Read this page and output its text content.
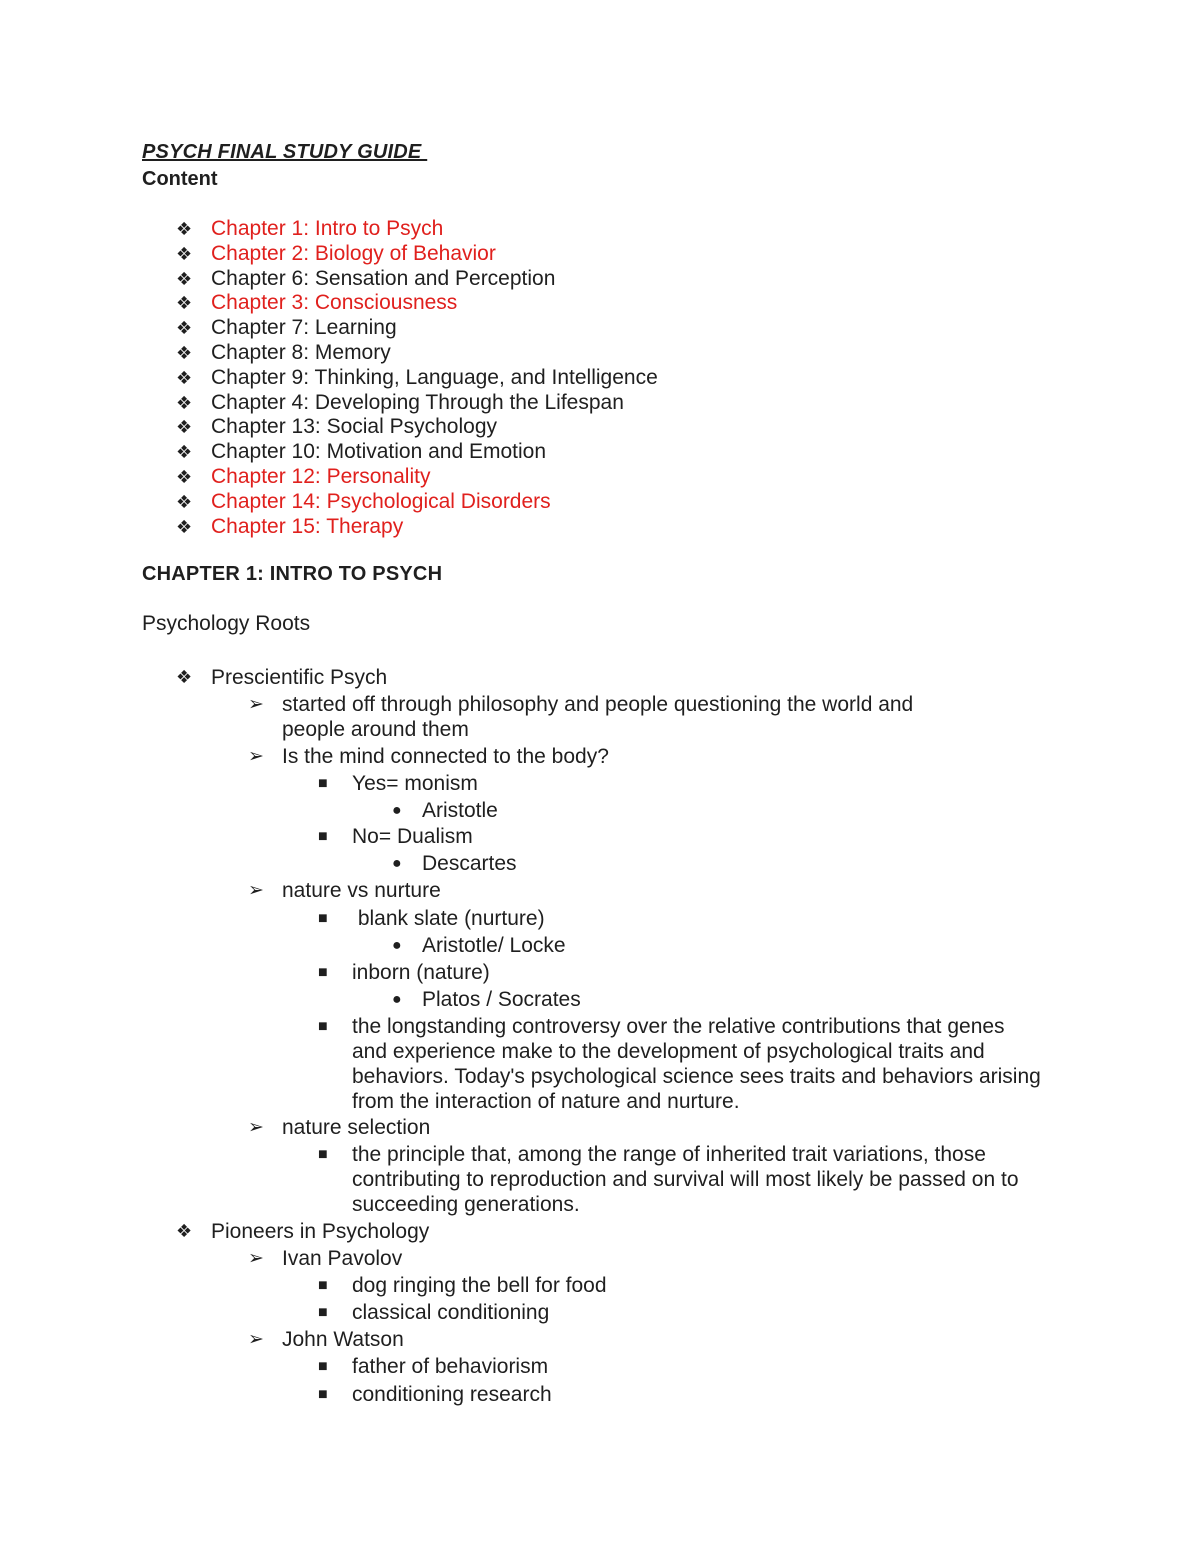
PSYCH FINAL STUDY GUIDE
Content
❖ Chapter 1: Intro to Psych
❖ Chapter 2: Biology of Behavior
❖ Chapter 6: Sensation and Perception
❖ Chapter 3: Consciousness
❖ Chapter 7: Learning
❖ Chapter 8: Memory
❖ Chapter 9: Thinking, Language, and Intelligence
❖ Chapter 4: Developing Through the Lifespan
❖ Chapter 13: Social Psychology
❖ Chapter 10: Motivation and Emotion
❖ Chapter 12: Personality
❖ Chapter 14: Psychological Disorders
❖ Chapter 15: Therapy
CHAPTER 1: INTRO TO PSYCH
Psychology Roots
❖ Prescientific Psych
➢ started off through philosophy and people questioning the world and people around them
➢ Is the mind connected to the body?
■ Yes= monism
● Aristotle
■ No= Dualism
● Descartes
➢ nature vs nurture
■ blank slate (nurture)
● Aristotle/ Locke
■ inborn (nature)
● Platos / Socrates
■ the longstanding controversy over the relative contributions that genes and experience make to the development of psychological traits and behaviors. Today's psychological science sees traits and behaviors arising from the interaction of nature and nurture.
➢ nature selection
■ the principle that, among the range of inherited trait variations, those contributing to reproduction and survival will most likely be passed on to succeeding generations.
❖ Pioneers in Psychology
➢ Ivan Pavolov
■ dog ringing the bell for food
■ classical conditioning
➢ John Watson
■ father of behaviorism
■ conditioning research
